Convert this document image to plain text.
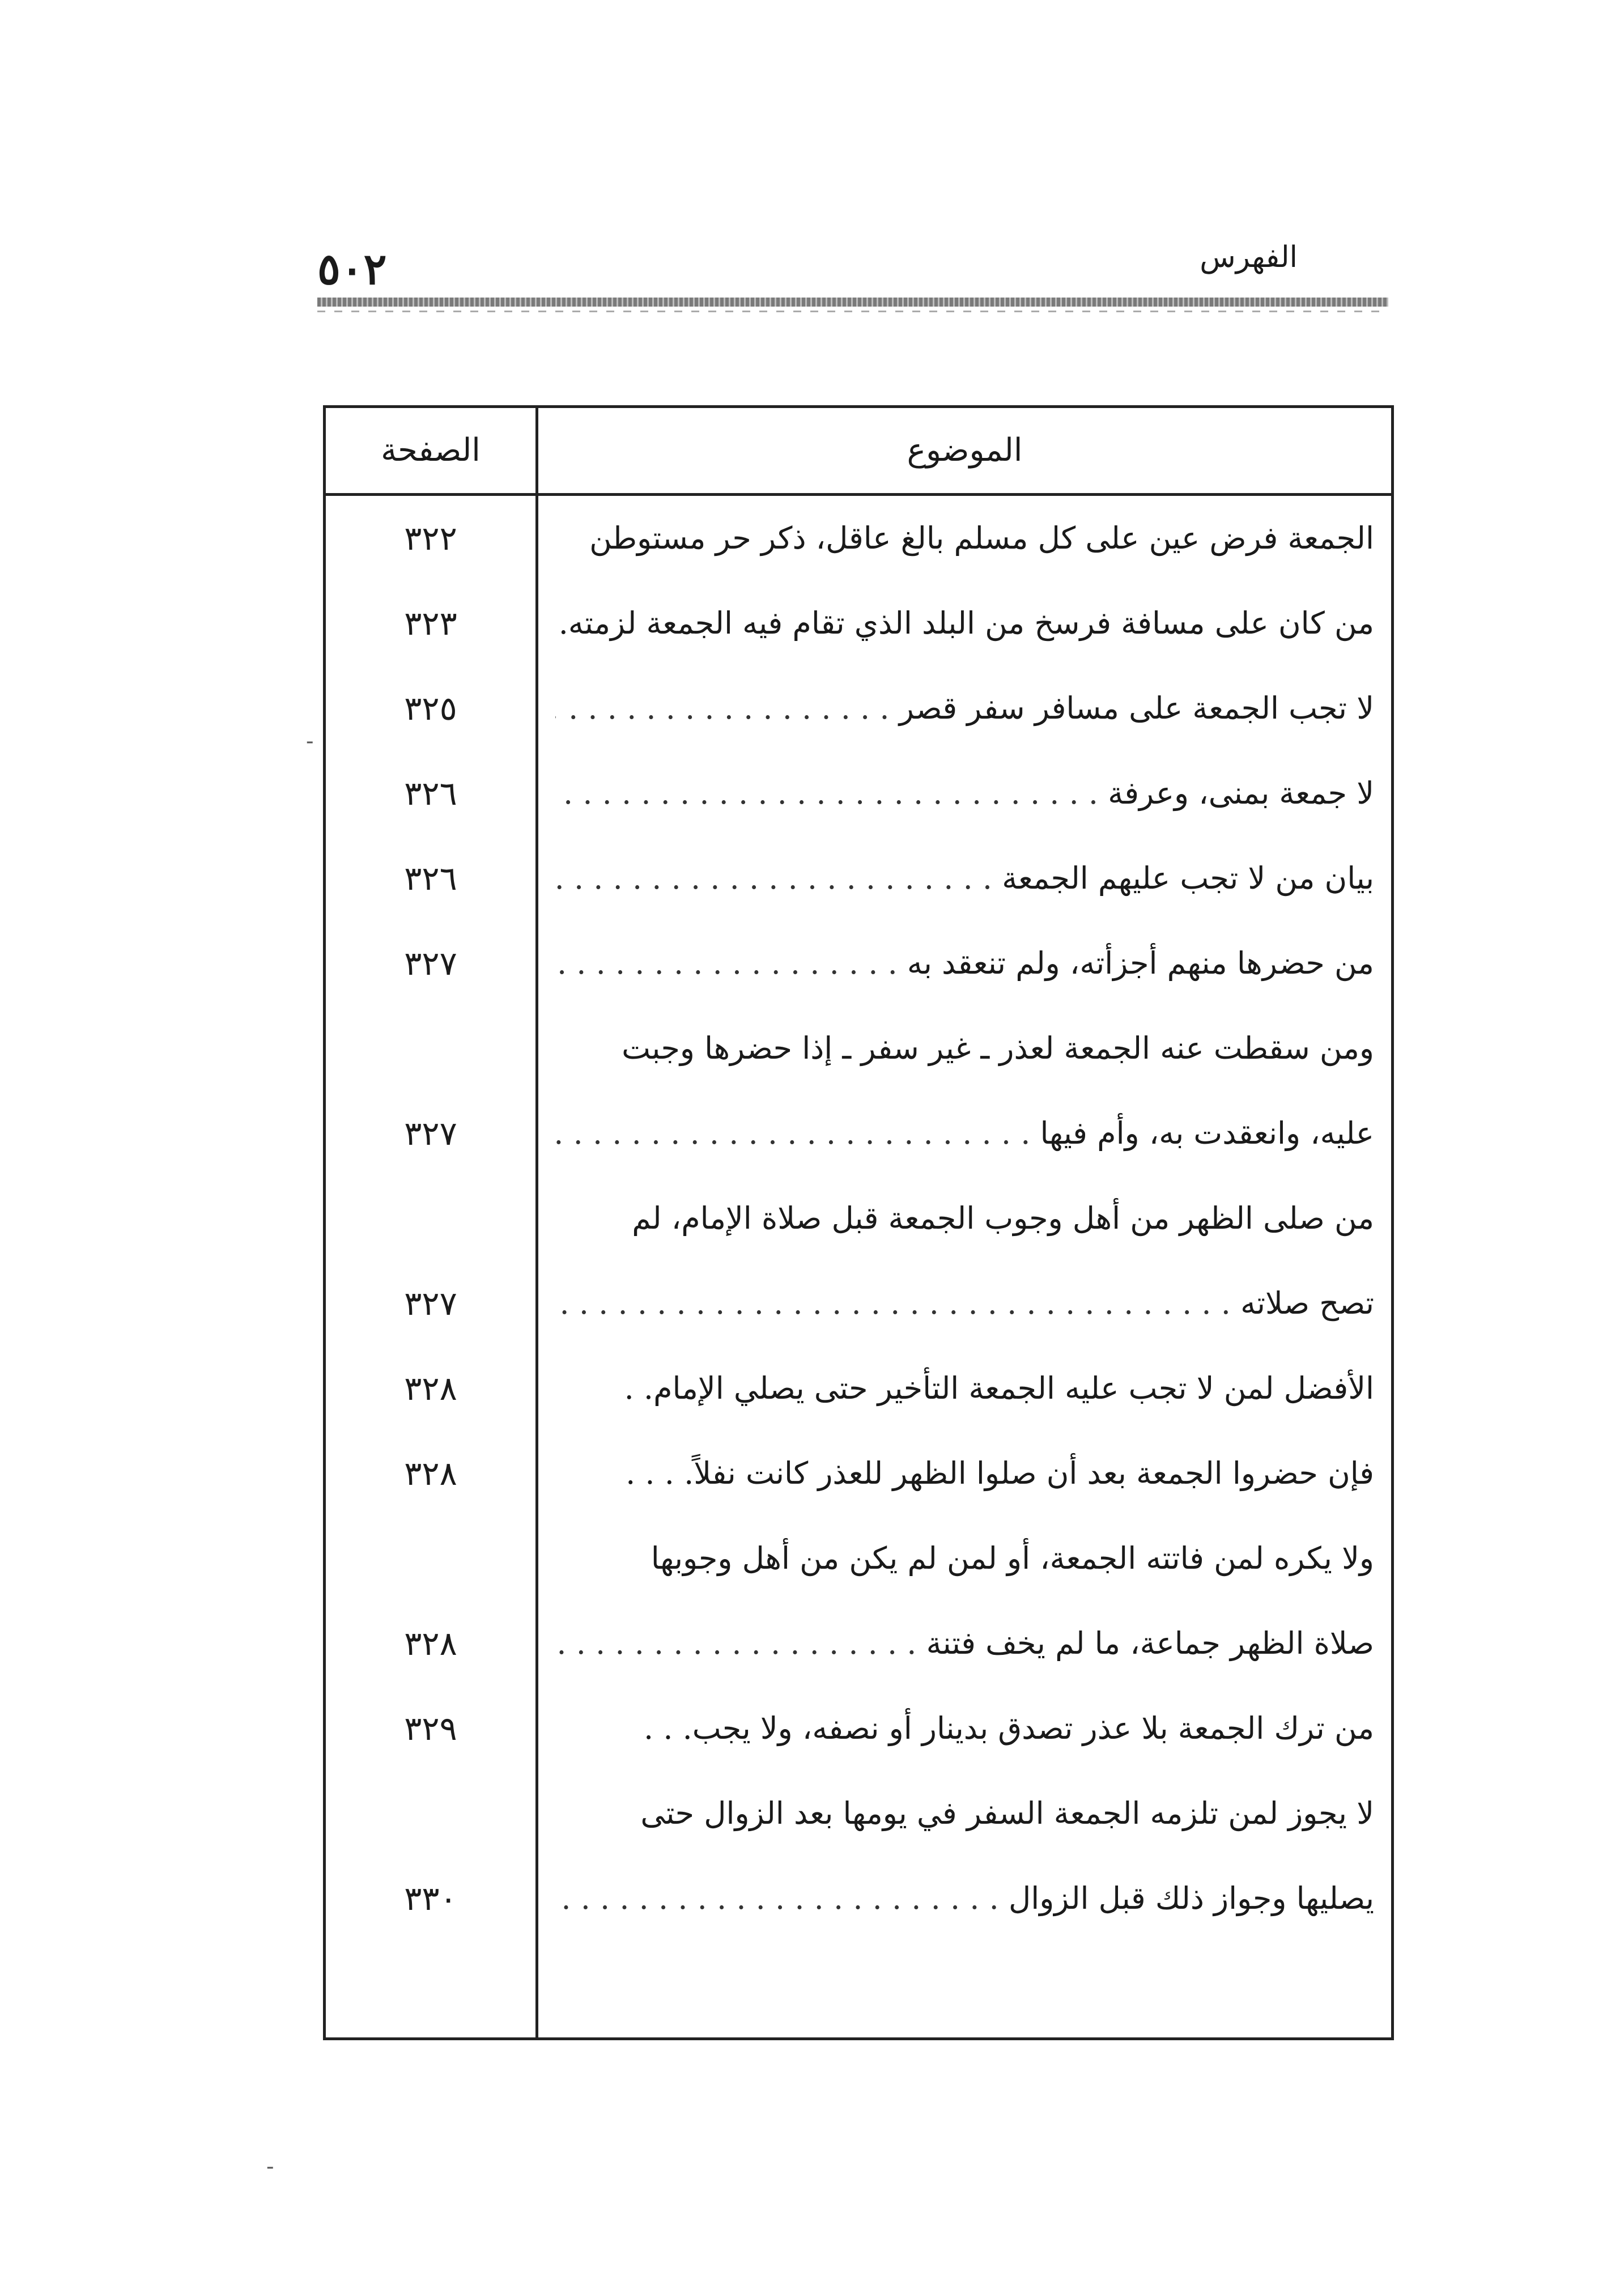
٥٠٢	الفهرس
الموضوع
الصفحة
الجمعة فرض عين على كل مسلم بالغ عاقل، ذكر حر مستوطن
٣٢٢
من كان على مسافة فرسخ من البلد الذي تقام فيه الجمعة لزمته.
٣٢٣
لا تجب الجمعة على مسافر سفر قصر . . .
٣٢٥
لا جمعة بمنى، وعرفة . . .
٣٢٦
بيان من لا تجب عليهم الجمعة . . .
٣٢٦
من حضرها منهم أجزأته، ولم تنعقد به . . .
٣٢٧
ومن سقطت عنه الجمعة لعذر ـ غير سفر ـ إذا حضرها وجبت
عليه، وانعقدت به، وأم فيها . . .
٣٢٧
من صلى الظهر من أهل وجوب الجمعة قبل صلاة الإمام، لم
تصح صلاته . . .
٣٢٧
الأفضل لمن لا تجب عليه الجمعة التأخير حتى يصلي الإمام. .
٣٢٨
فإن حضروا الجمعة بعد أن صلوا الظهر للعذر كانت نفلاً. . . .
٣٢٨
ولا يكره لمن فاتته الجمعة، أو لمن لم يكن من أهل وجوبها
صلاة الظهر جماعة، ما لم يخف فتنة . . .
٣٢٨
من ترك الجمعة بلا عذر تصدق بدينار أو نصفه، ولا يجب. . .
٣٢٩
لا يجوز لمن تلزمه الجمعة السفر في يومها بعد الزوال حتى
يصليها وجواز ذلك قبل الزوال . . .
٣٣٠
-
-
